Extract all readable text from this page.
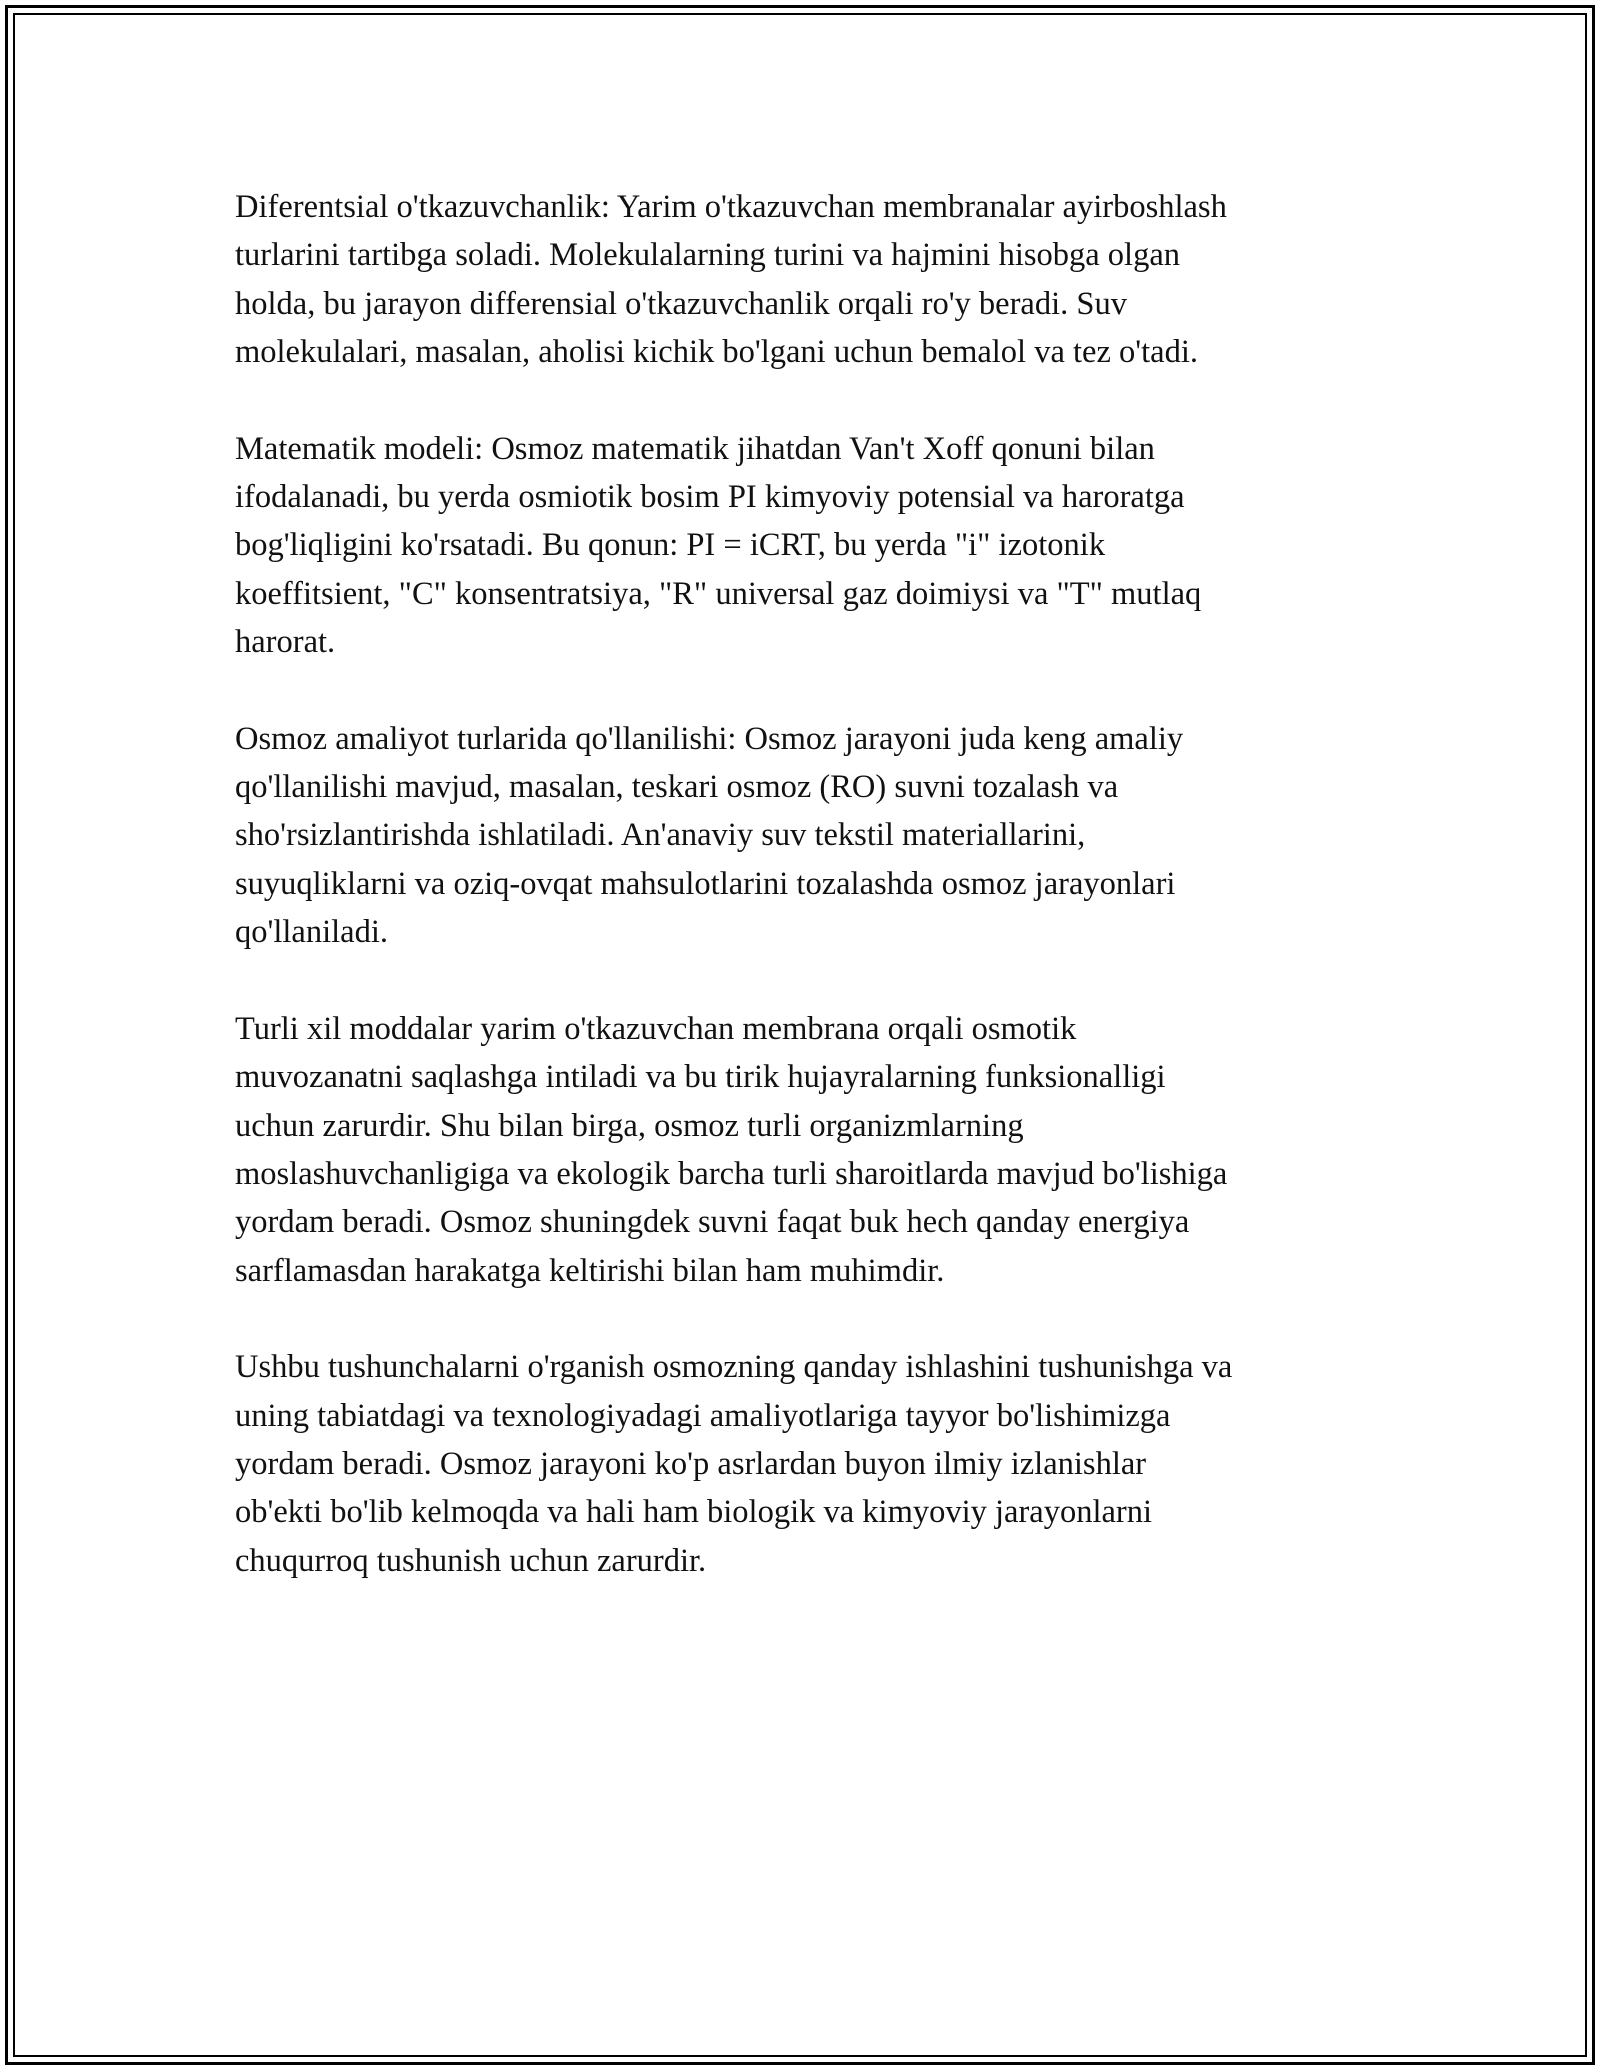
Diferentsial o'tkazuvchanlik: Yarim o'tkazuvchan membranalar ayirboshlash
turlarini tartibga soladi. Molekulalarning turini va hajmini hisobga olgan
holda, bu jarayon differensial o'tkazuvchanlik orqali ro'y beradi. Suv
molekulalari, masalan, aholisi kichik bo'lgani uchun bemalol va tez o'tadi.

Matematik modeli: Osmoz matematik jihatdan Van't Xoff qonuni bilan
ifodalanadi, bu yerda osmiotik bosim PI kimyoviy potensial va haroratga
bog'liqligini ko'rsatadi. Bu qonun: PI = iCRT, bu yerda "i" izotonik
koeffitsient, "C" konsentratsiya, "R" universal gaz doimiysi va "T" mutlaq
harorat.

Osmoz amaliyot turlarida qo'llanilishi: Osmoz jarayoni juda keng amaliy
qo'llanilishi mavjud, masalan, teskari osmoz (RO) suvni tozalash va
sho'rsizlantirishda ishlatiladi. An'anaviy suv tekstil materiallarini,
suyuqliklarni va oziq-ovqat mahsulotlarini tozalashda osmoz jarayonlari
qo'llaniladi.

Turli xil moddalar yarim o'tkazuvchan membrana orqali osmotik
muvozanatni saqlashga intiladi va bu tirik hujayralarning funksionalligi
uchun zarurdir. Shu bilan birga, osmoz turli organizmlarning
moslashuvchanligiga va ekologik barcha turli sharoitlarda mavjud bo'lishiga
yordam beradi. Osmoz shuningdek suvni faqat buk hech qanday energiya
sarflamasdan harakatga keltirishi bilan ham muhimdir.

Ushbu tushunchalarni o'rganish osmozning qanday ishlashini tushunishga va
uning tabiatdagi va texnologiyadagi amaliyotlariga tayyor bo'lishimizga
yordam beradi. Osmoz jarayoni ko'p asrlardan buyon ilmiy izlanishlar
ob'ekti bo'lib kelmoqda va hali ham biologik va kimyoviy jarayonlarni
chuqurroq tushunish uchun zarurdir.
